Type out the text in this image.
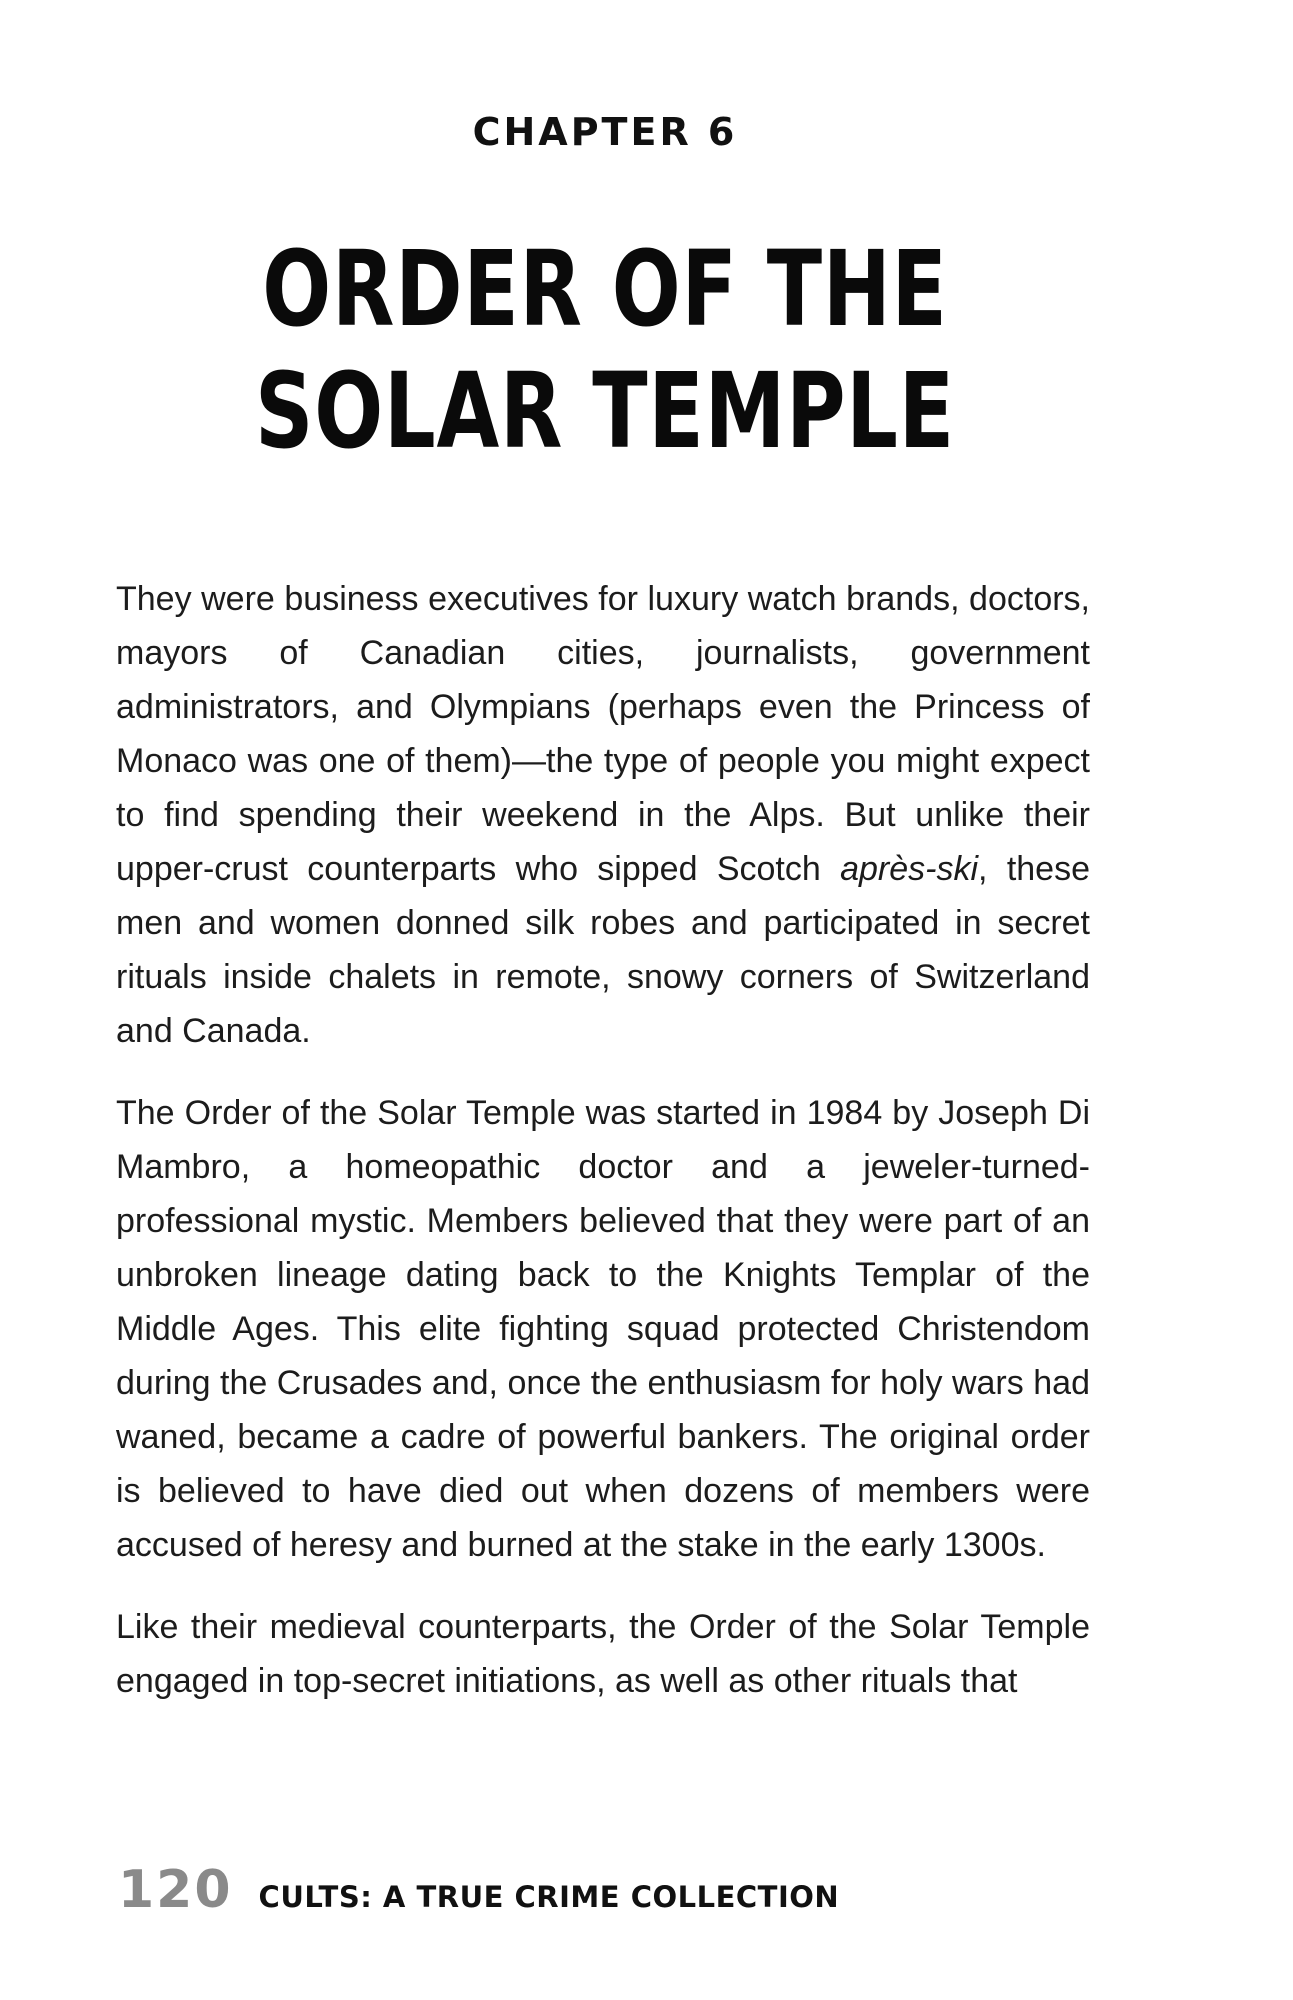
CHAPTER 6
ORDER OF THE SOLAR TEMPLE

They were business executives for luxury watch brands, doctors, mayors of Canadian cities, journalists, government administrators, and Olympians (perhaps even the Princess of Monaco was one of them)—the type of people you might expect to find spending their weekend in the Alps. But unlike their upper-crust counterparts who sipped Scotch après-ski, these men and women donned silk robes and participated in secret rituals inside chalets in remote, snowy corners of Switzerland and Canada.

The Order of the Solar Temple was started in 1984 by Joseph Di Mambro, a homeopathic doctor and a jeweler-turned-professional mystic. Members believed that they were part of an unbroken lineage dating back to the Knights Templar of the Middle Ages. This elite fighting squad protected Christendom during the Crusades and, once the enthusiasm for holy wars had waned, became a cadre of powerful bankers. The original order is believed to have died out when dozens of members were accused of heresy and burned at the stake in the early 1300s.

Like their medieval counterparts, the Order of the Solar Temple engaged in top-secret initiations, as well as other rituals that

120 CULTS: A TRUE CRIME COLLECTION
